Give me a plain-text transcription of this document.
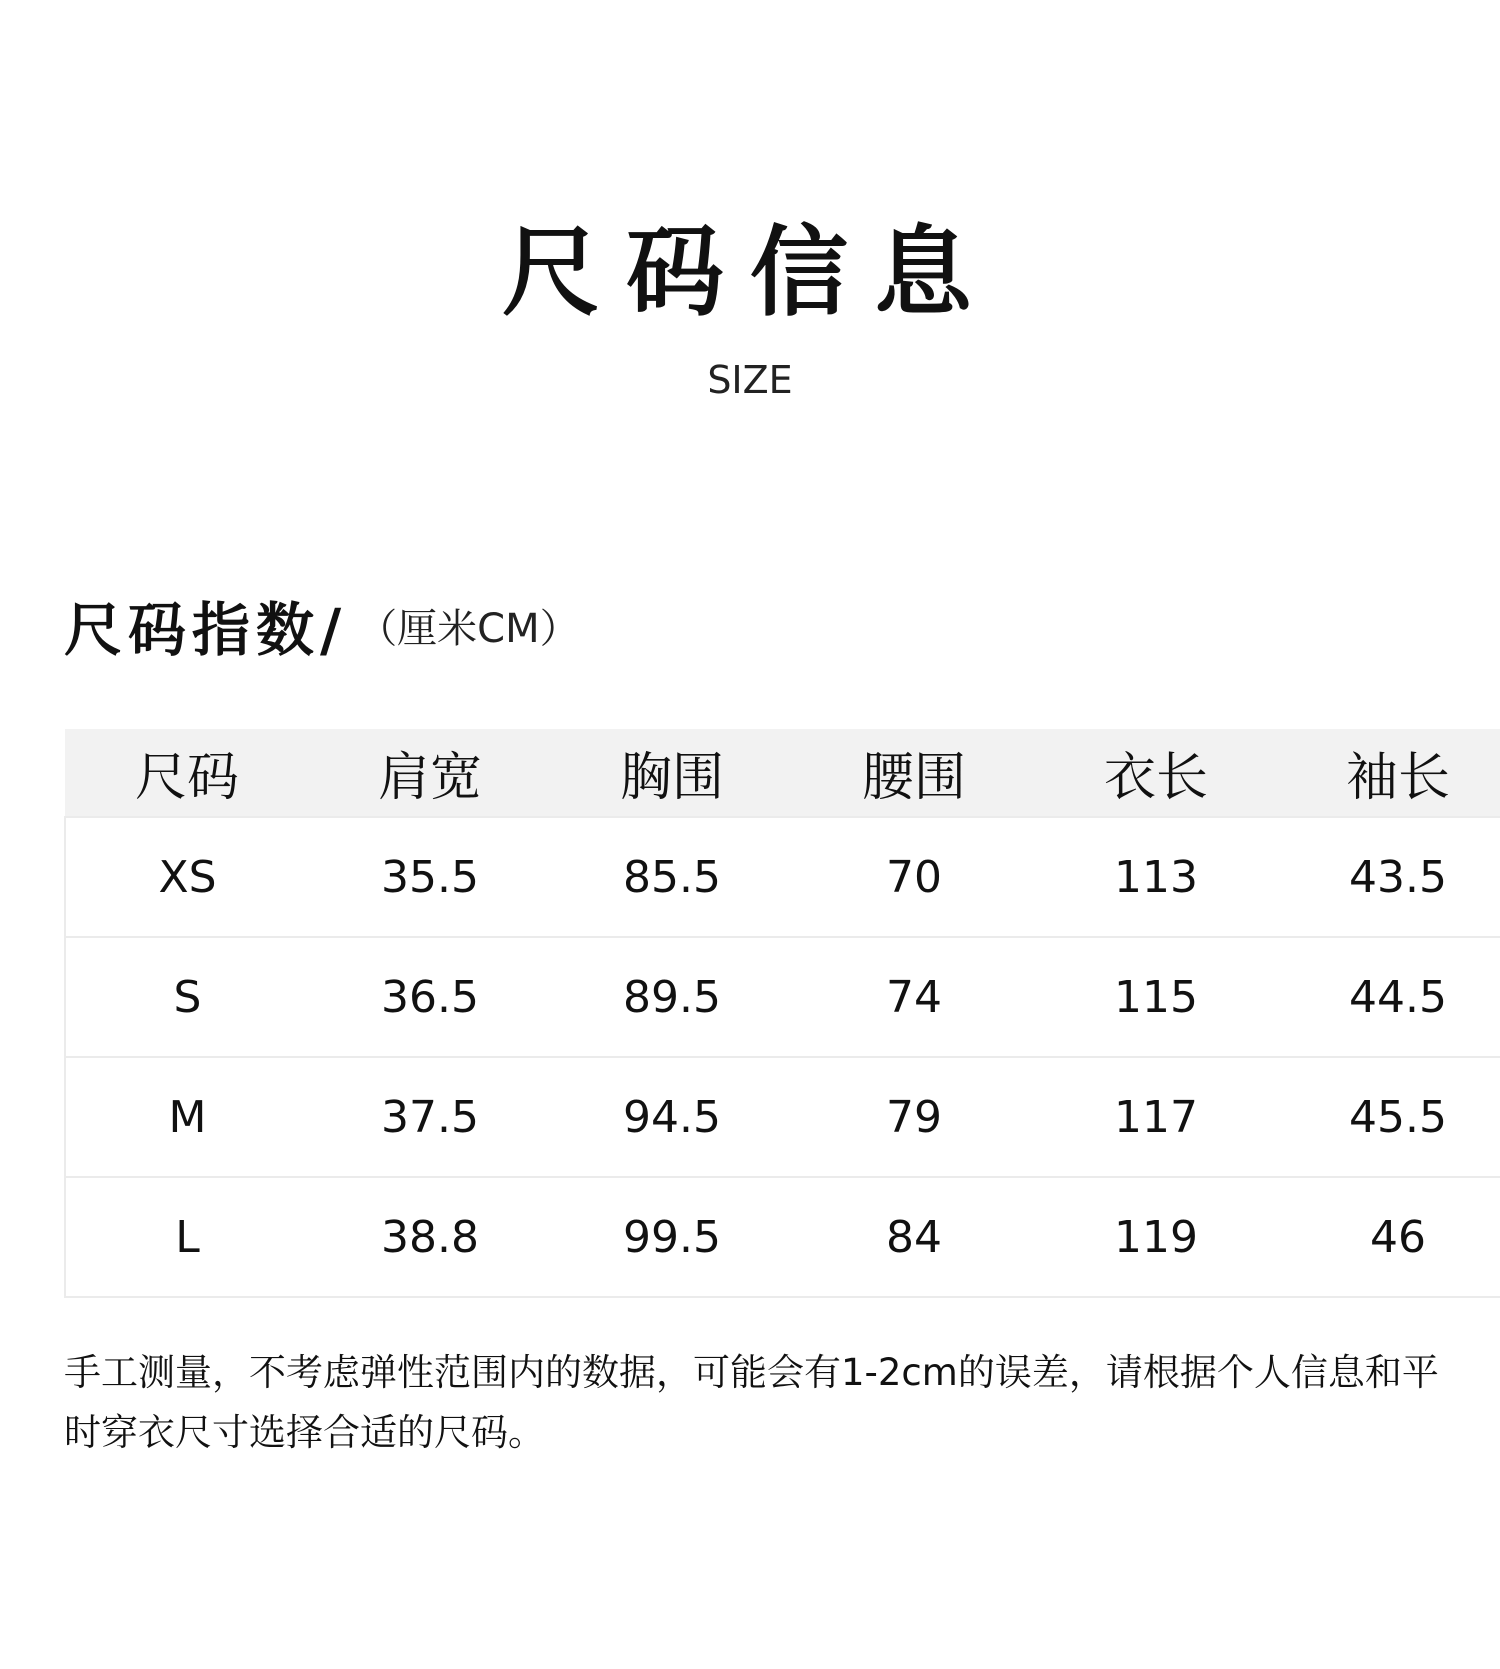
尺码信息
SIZE
尺码指数/ （厘米CM）
尺码	肩宽	胸围	腰围	衣长	袖长
XS	35.5	85.5	70	113	43.5
S	36.5	89.5	74	115	44.5
M	37.5	94.5	79	117	45.5
L	38.8	99.5	84	119	46
手工测量，不考虑弹性范围内的数据，可能会有1-2cm的误差，请根据个人信息和平
时穿衣尺寸选择合适的尺码。
